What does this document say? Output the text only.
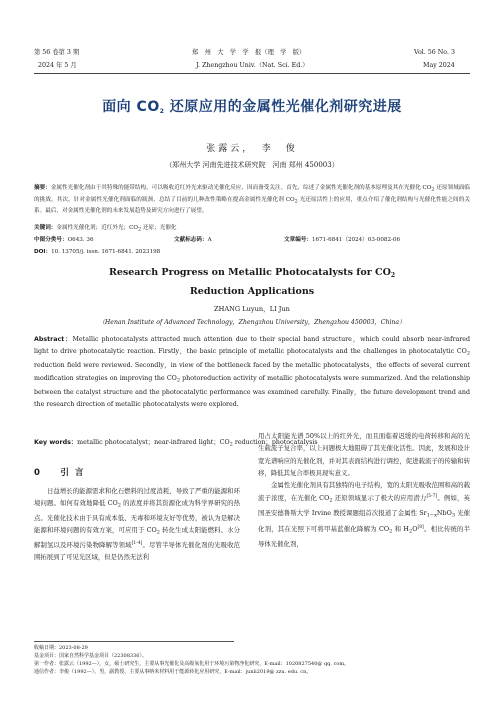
第 56 卷第 3 期
2024 年 5 月
郑　州　大　学　学　报（理　学　版）
J. Zhengzhou Univ.（Nat. Sci. Ed.）
Vol. 56 No. 3
May 2024
面向 $CO_2$ 还原应用的金属性光催化剂研究进展
张露云，　李　俊
（郑州大学 河南先进技术研究院　河南 郑州 450003）
摘要：金属性光催化剂由于其特殊的能带结构，可以吸收近红外光来驱动光催化反应，因而备受关注。首先，综述了金属性光催化剂的基本原理及其在光催化 CO2 还原领域面临的挑战。其次，针对金属性光催化剂面临的瓶颈，总结了目前的几种改性策略在提高金属性光催化剂 CO2 光还原活性上的应用，重点介绍了催化剂结构与光催化性能之间的关系。最后，对金属性光催化剂的未来发展趋势及研究方向进行了展望。
关键词：金属性光催化剂；近红外光；CO2 还原；光催化
中图分类号：O643. 36	文献标志码：A	文章编号：1671-6841（2024）03-0082-06
DOI：10. 13705/j. issn. 1671-6841. 2023198
Research Progress on Metallic Photocatalysts for $CO_2$
Reduction Applications
ZHANG Luyun，LI Jun
（Henan Institute of Advanced Technology，Zhengzhou University，Zhengzhou 450003，China）
Abstract：Metallic photocatalysts attracted much attention due to their special band structure，which could absorb near-infrared light to drive photocatalytic reaction. Firstly，the basic principle of metallic photocatalysts and the challenges in photocatalytic $CO_2$ reduction field were reviewed. Secondly，in view of the bottleneck faced by the metallic photocatalysts，the effects of several current modification strategies on improving the $CO_2$ photoreduction activity of metallic photocatalysts were summarized. And the relationship between the catalyst structure and the photocatalytic performance was examined carefully. Finally，the future development trend and the research direction of metallic photocatalysts were explored.
Key words：metallic photocatalyst；near-infrared light；$CO_2$ reduction；photocatalysis
0　引言
日益增长的能源需求和化石燃料的过度消耗，导致了严重的能源和环境问题。如何有效地降低 $CO_2$ 的浓度并将其资源化成为科学界研究的热点。光催化技术由于具有成本低、无毒和环境友好等优势，被认为是解决能源和环境问题的有效方案，可应用于 $CO_2$ 转化生成太阳能燃料、水分解制氢以及环境污染物降解等领域[1-4]。尽管半导体光催化剂的光吸收范围拓展到了可见光区域，但是仍然无法利

用占太阳能光谱 50%以上的红外光，而且面临着迟缓的电荷转移和高的光生载流子复合率，以上问题极大地阻碍了其光催化活性。因此，发展和设计宽光谱响应的光催化剂，并对其表面结构进行调控，促进载流子的传输和转移，降低其复合率极具现实意义。

金属性光催化剂具有其独特的电子结构，宽的太阳光吸收范围和高的载流子浓度，在光催化 $CO_2$ 还原领域显示了极大的应用潜力[5-7]。例如，英国圣安德鲁斯大学 Irvine 教授课题组首次报道了金属性 $Sr_{1-x}NbO_3$ 光催化剂，其在光照下可将甲基蓝催化降解为 $CO_2$ 和 $H_2O[8]$。相比传统的半导体光催化剂，

收稿日期：2023-08-29
基金项目：国家自然科学基金项目（22308336）。
第一作者：张露云（1992—），女，硕士研究生，主要从事光催化及高级氧化用于环境污染物净化研究，E-mail：1020827540@ qq. com。
通信作者：李俊（1992—），男，副教授，主要从事纳米材料用于能源转化应用研究，E-mail：junli2019@ zzu. edu. cn。
